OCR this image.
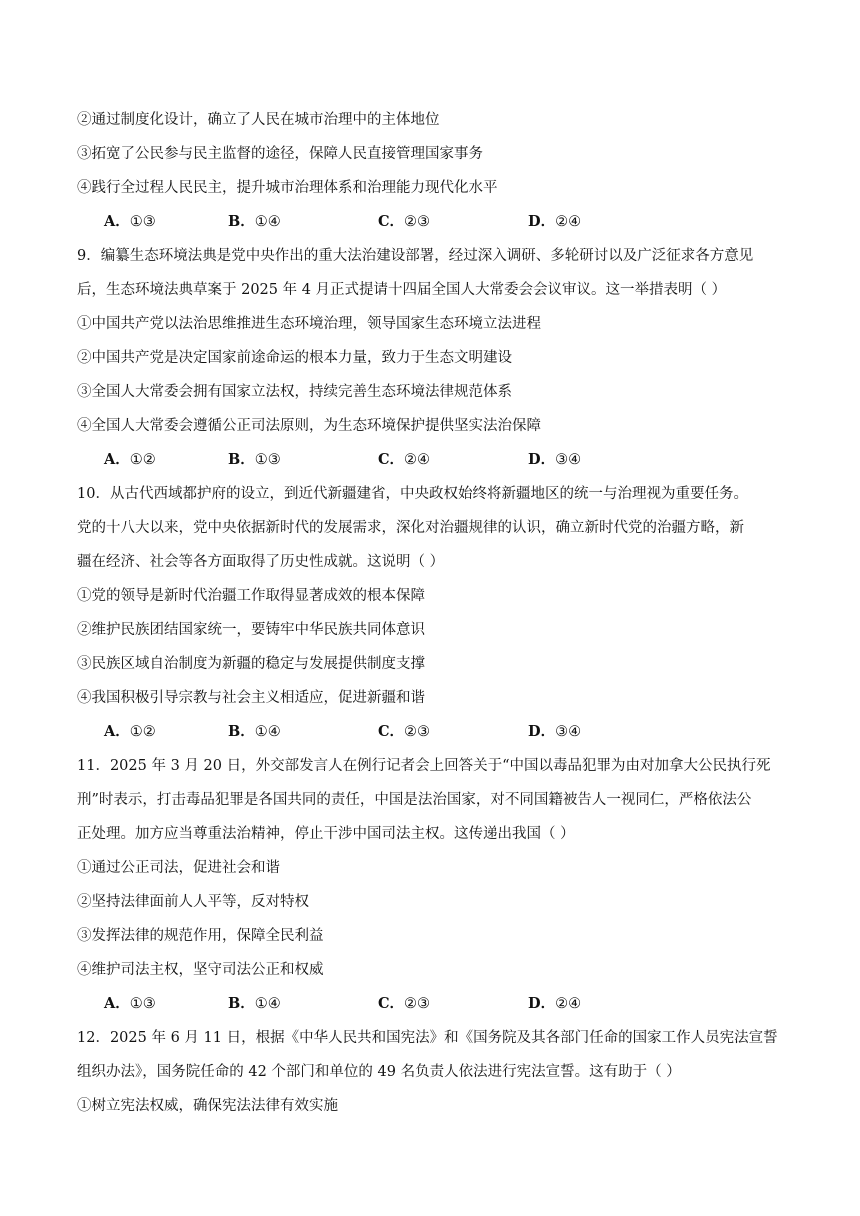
②通过制度化设计，确立了人民在城市治理中的主体地位
③拓宽了公民参与民主监督的途径，保障人民直接管理国家事务
④践行全过程人民民主，提升城市治理体系和治理能力现代化水平
A．①③	B．①④	C．②③	D．②④
9．编纂生态环境法典是党中央作出的重大法治建设部署，经过深入调研、多轮研讨以及广泛征求各方意见
后，生态环境法典草案于 2025 年 4 月正式提请十四届全国人大常委会会议审议。这一举措表明（ ）
①中国共产党以法治思维推进生态环境治理，领导国家生态环境立法进程
②中国共产党是决定国家前途命运的根本力量，致力于生态文明建设
③全国人大常委会拥有国家立法权，持续完善生态环境法律规范体系
④全国人大常委会遵循公正司法原则，为生态环境保护提供坚实法治保障
A．①②	B．①③	C．②④	D．③④
10．从古代西域都护府的设立，到近代新疆建省，中央政权始终将新疆地区的统一与治理视为重要任务。
党的十八大以来，党中央依据新时代的发展需求，深化对治疆规律的认识，确立新时代党的治疆方略，新
疆在经济、社会等各方面取得了历史性成就。这说明（ ）
①党的领导是新时代治疆工作取得显著成效的根本保障
②维护民族团结国家统一，要铸牢中华民族共同体意识
③民族区域自治制度为新疆的稳定与发展提供制度支撑
④我国积极引导宗教与社会主义相适应，促进新疆和谐
A．①②	B．①④	C．②③	D．③④
11．2025 年 3 月 20 日，外交部发言人在例行记者会上回答关于“中国以毒品犯罪为由对加拿大公民执行死
刑”时表示，打击毒品犯罪是各国共同的责任，中国是法治国家，对不同国籍被告人一视同仁，严格依法公
正处理。加方应当尊重法治精神，停止干涉中国司法主权。这传递出我国（ ）
①通过公正司法，促进社会和谐
②坚持法律面前人人平等，反对特权
③发挥法律的规范作用，保障全民利益
④维护司法主权，坚守司法公正和权威
A．①③	B．①④	C．②③	D．②④
12．2025 年 6 月 11 日，根据《中华人民共和国宪法》和《国务院及其各部门任命的国家工作人员宪法宣誓
组织办法》，国务院任命的 42 个部门和单位的 49 名负责人依法进行宪法宣誓。这有助于（ ）
①树立宪法权威，确保宪法法律有效实施
